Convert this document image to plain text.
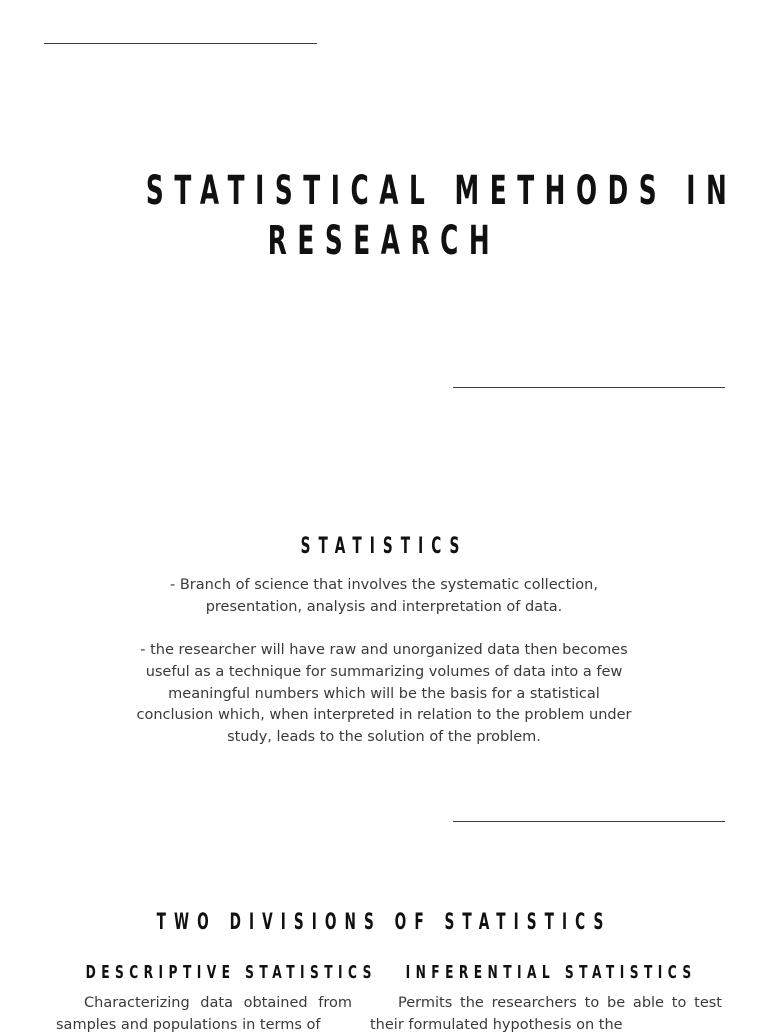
STATISTICAL METHODS IN
RESEARCH
STATISTICS
- Branch of science that involves the systematic collection, presentation, analysis and interpretation of data.
- the researcher will have raw and unorganized data then becomes useful as a technique for summarizing volumes of data into a few meaningful numbers which will be the basis for a statistical conclusion which, when interpreted in relation to the problem under study, leads to the solution of the problem.
TWO DIVISIONS OF STATISTICS
DESCRIPTIVE STATISTICS INFERENTIAL STATISTICS
Characterizing data obtained from samples and populations in terms of
Permits the researchers to be able to test their formulated hypothesis on the
